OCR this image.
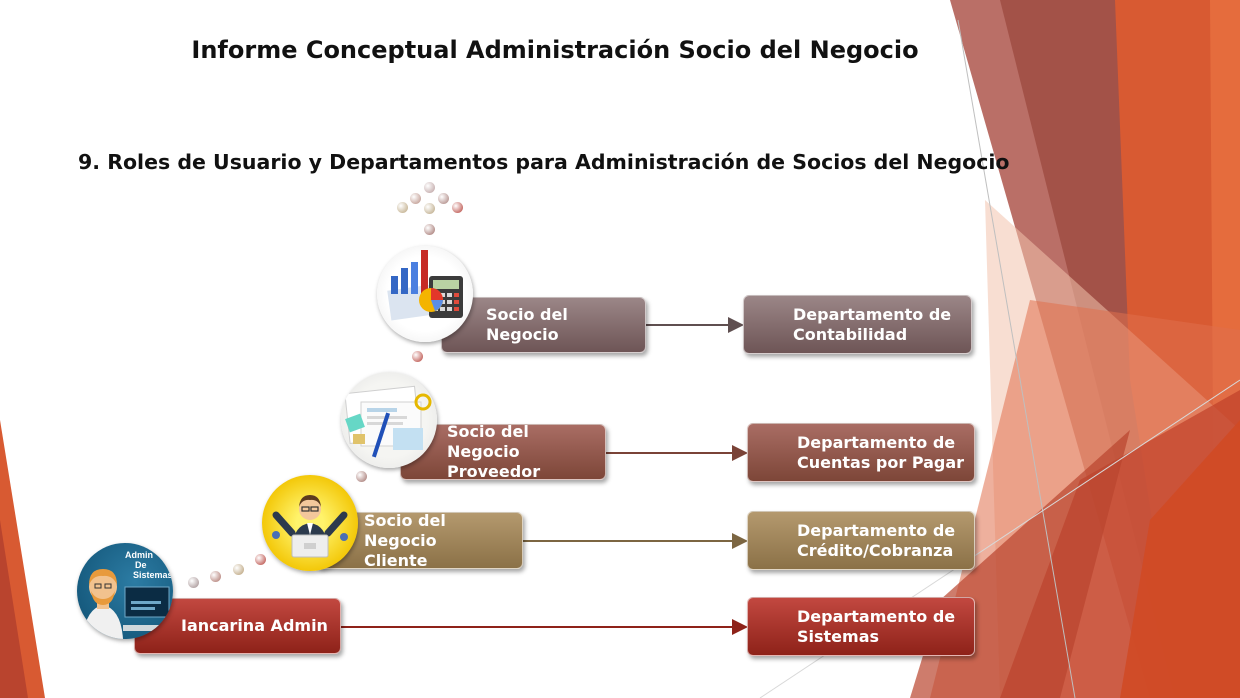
Informe Conceptual Administración Socio del Negocio
9. Roles de Usuario y Departamentos para Administración de Socios del Negocio
Socio del Negocio
Socio del Negocio
Proveedor
Socio del Negocio
Cliente
Iancarina Admin
Admin
De
Sistemas
Departamento de
Contabilidad
Departamento de
Cuentas por Pagar
Departamento de
Crédito/Cobranza
Departamento de
Sistemas
